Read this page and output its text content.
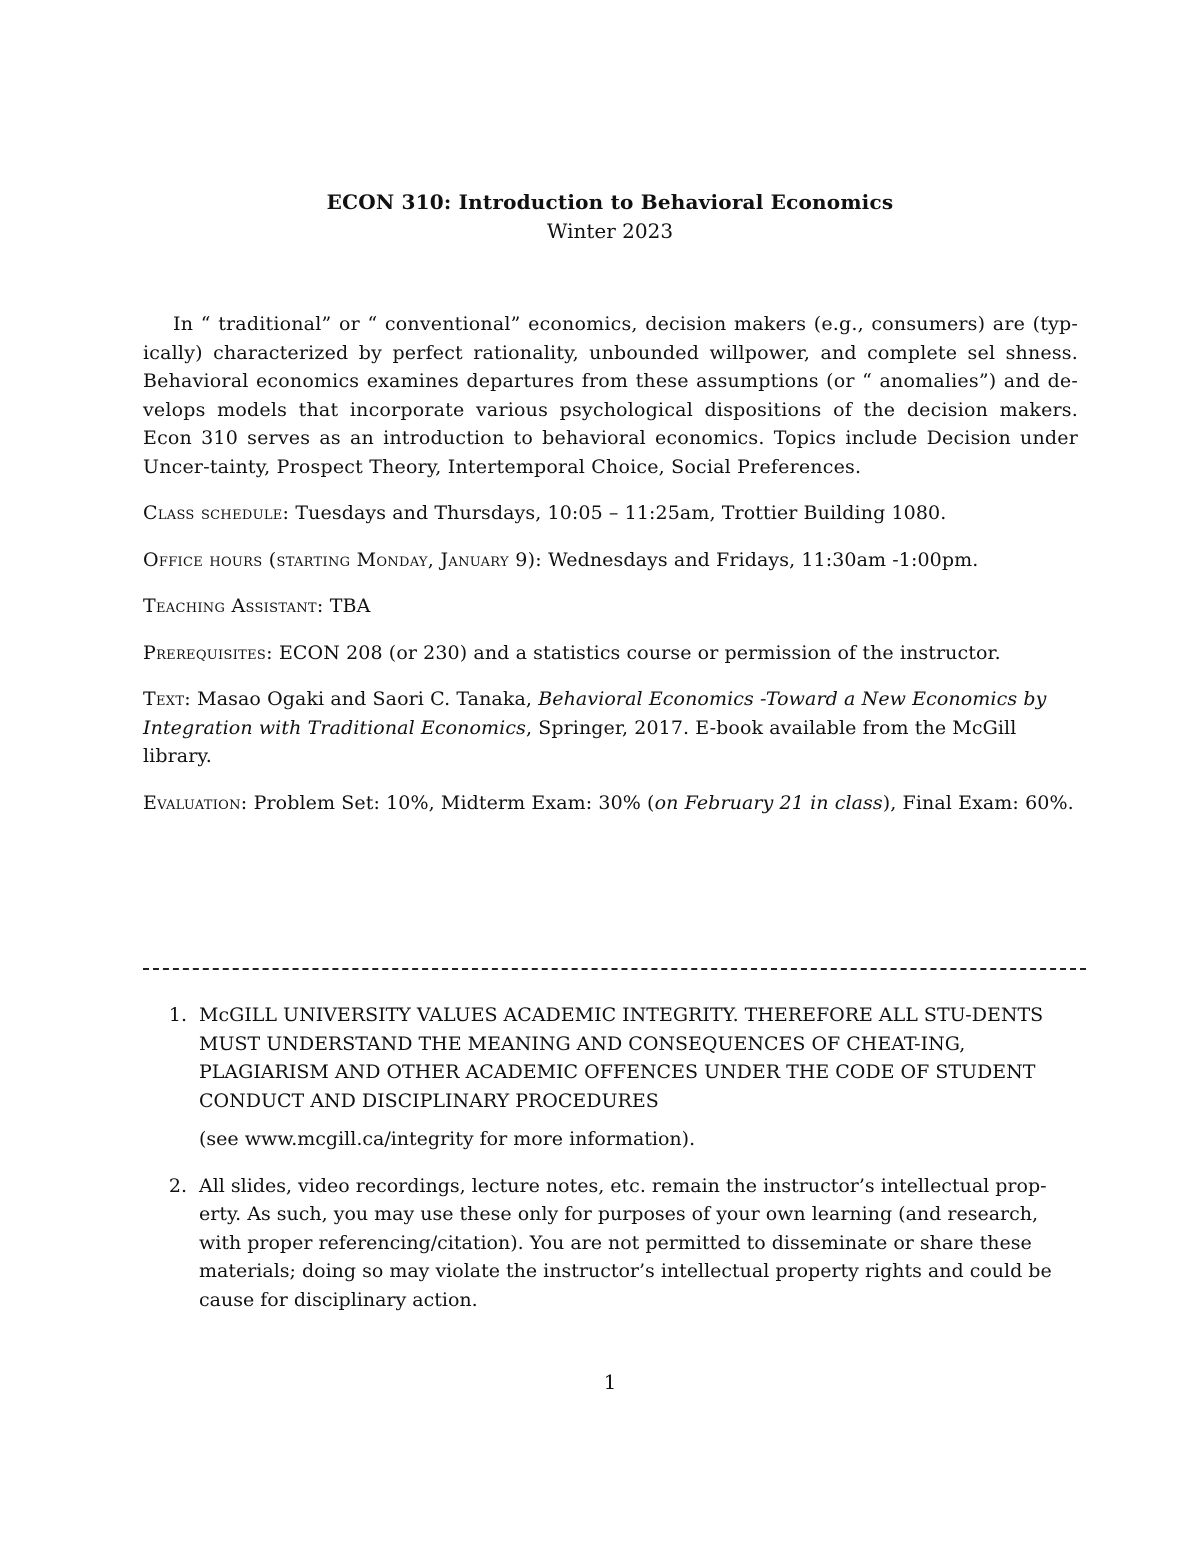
ECON 310: Introduction to Behavioral Economics
Winter 2023

In “ traditional” or “ conventional” economics, decision makers (e.g., consumers) are (typ-ically) characterized by perfect rationality, unbounded willpower, and complete sel shness. Behavioral economics examines departures from these assumptions (or “ anomalies”) and de-velops models that incorporate various psychological dispositions of the decision makers. Econ 310 serves as an introduction to behavioral economics. Topics include Decision under Uncer-tainty, Prospect Theory, Intertemporal Choice, Social Preferences.

Class schedule: Tuesdays and Thursdays, 10:05 – 11:25am, Trottier Building 1080.

Office hours (starting Monday, January 9): Wednesdays and Fridays, 11:30am -1:00pm.

Teaching Assistant: TBA

Prerequisites: ECON 208 (or 230) and a statistics course or permission of the instructor.

Text: Masao Ogaki and Saori C. Tanaka, Behavioral Economics -Toward a New Economics by Integration with Traditional Economics, Springer, 2017. E-book available from the McGill library.

Evaluation: Problem Set: 10%, Midterm Exam: 30% (on February 21 in class), Final Exam: 60%.

1. McGILL UNIVERSITY VALUES ACADEMIC INTEGRITY. THEREFORE ALL STU-DENTS MUST UNDERSTAND THE MEANING AND CONSEQUENCES OF CHEAT-ING, PLAGIARISM AND OTHER ACADEMIC OFFENCES UNDER THE CODE OF STUDENT CONDUCT AND DISCIPLINARY PROCEDURES

(see www.mcgill.ca/integrity for more information).

2. All slides, video recordings, lecture notes, etc. remain the instructor’s intellectual prop-erty. As such, you may use these only for purposes of your own learning (and research, with proper referencing/citation). You are not permitted to disseminate or share these materials; doing so may violate the instructor’s intellectual property rights and could be cause for disciplinary action.

1
